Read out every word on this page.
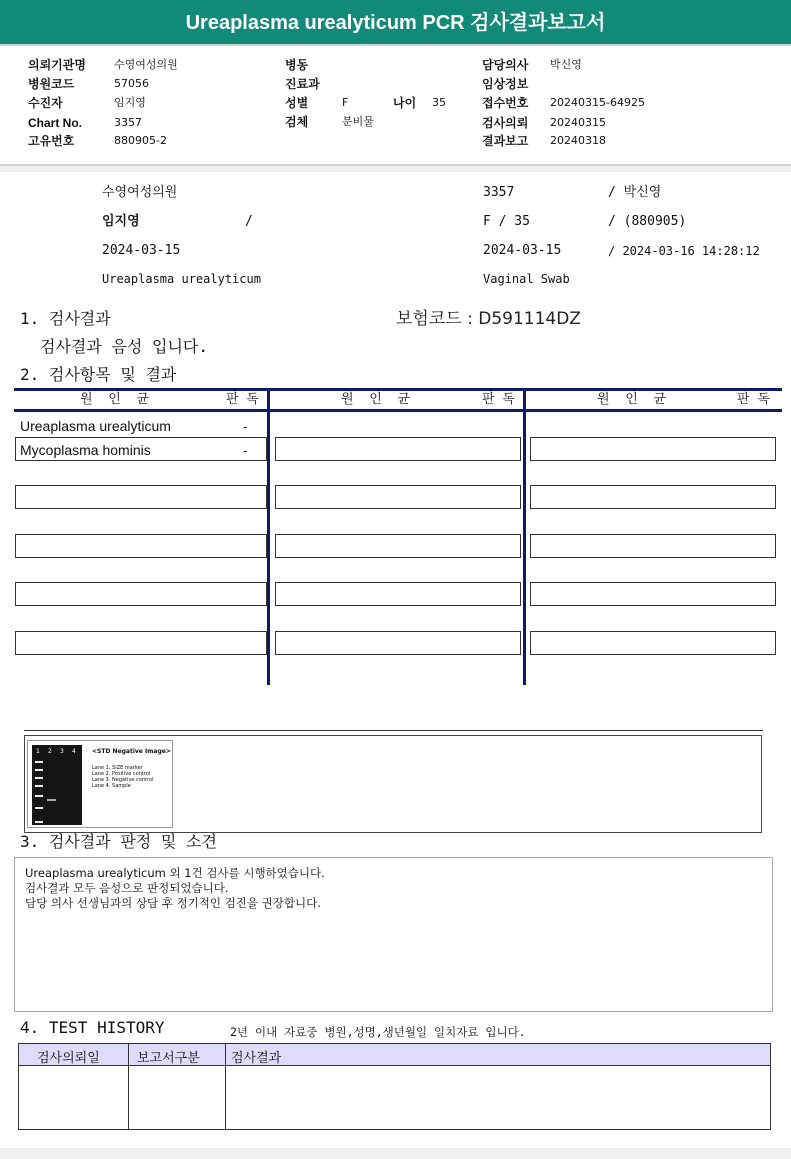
Ureaplasma urealyticum PCR 검사결과보고서
의뢰기관명	수영여성의원
병원코드	57056
수진자	임지영
Chart No.	3357
고유번호	880905-2
병동
진료과
성별	F	나이 35
검체	분비물
담당의사 박신영
임상정보
접수번호 20240315-64925
검사의뢰 20240315
결과보고 20240318
수영여성의원	3357	/ 박신영
임지영	/	F / 35	/ (880905)
2024-03-15	2024-03-15	/ 2024-03-16 14:28:12
Ureaplasma urealyticum	Vaginal Swab
1. 검사결과	보험코드 : D591114DZ
검사결과 음성 입니다.
2. 검사항목 및 결과
원  인  균	판 독	원  인  균	판 독	원  인  균	판 독
Ureaplasma urealyticum	-
Mycoplasma hominis	-
1 2 3 4	<STD Negative Image>
Lane 1. SIZE marker
Lane 2. Positive control
Lane 3. Negative control
Lane 4. Sample
3. 검사결과 판정 및 소견
Ureaplasma urealyticum 외 1건 검사를 시행하였습니다.
검사결과 모두 음성으로 판정되었습니다.
담당 의사 선생님과의 상담 후 정기적인 검진을 권장합니다.
4. TEST HISTORY	2년 이내 자료중 병원,성명,생년월일 일치자료 입니다.
검사의뢰일	보고서구분 검사결과
